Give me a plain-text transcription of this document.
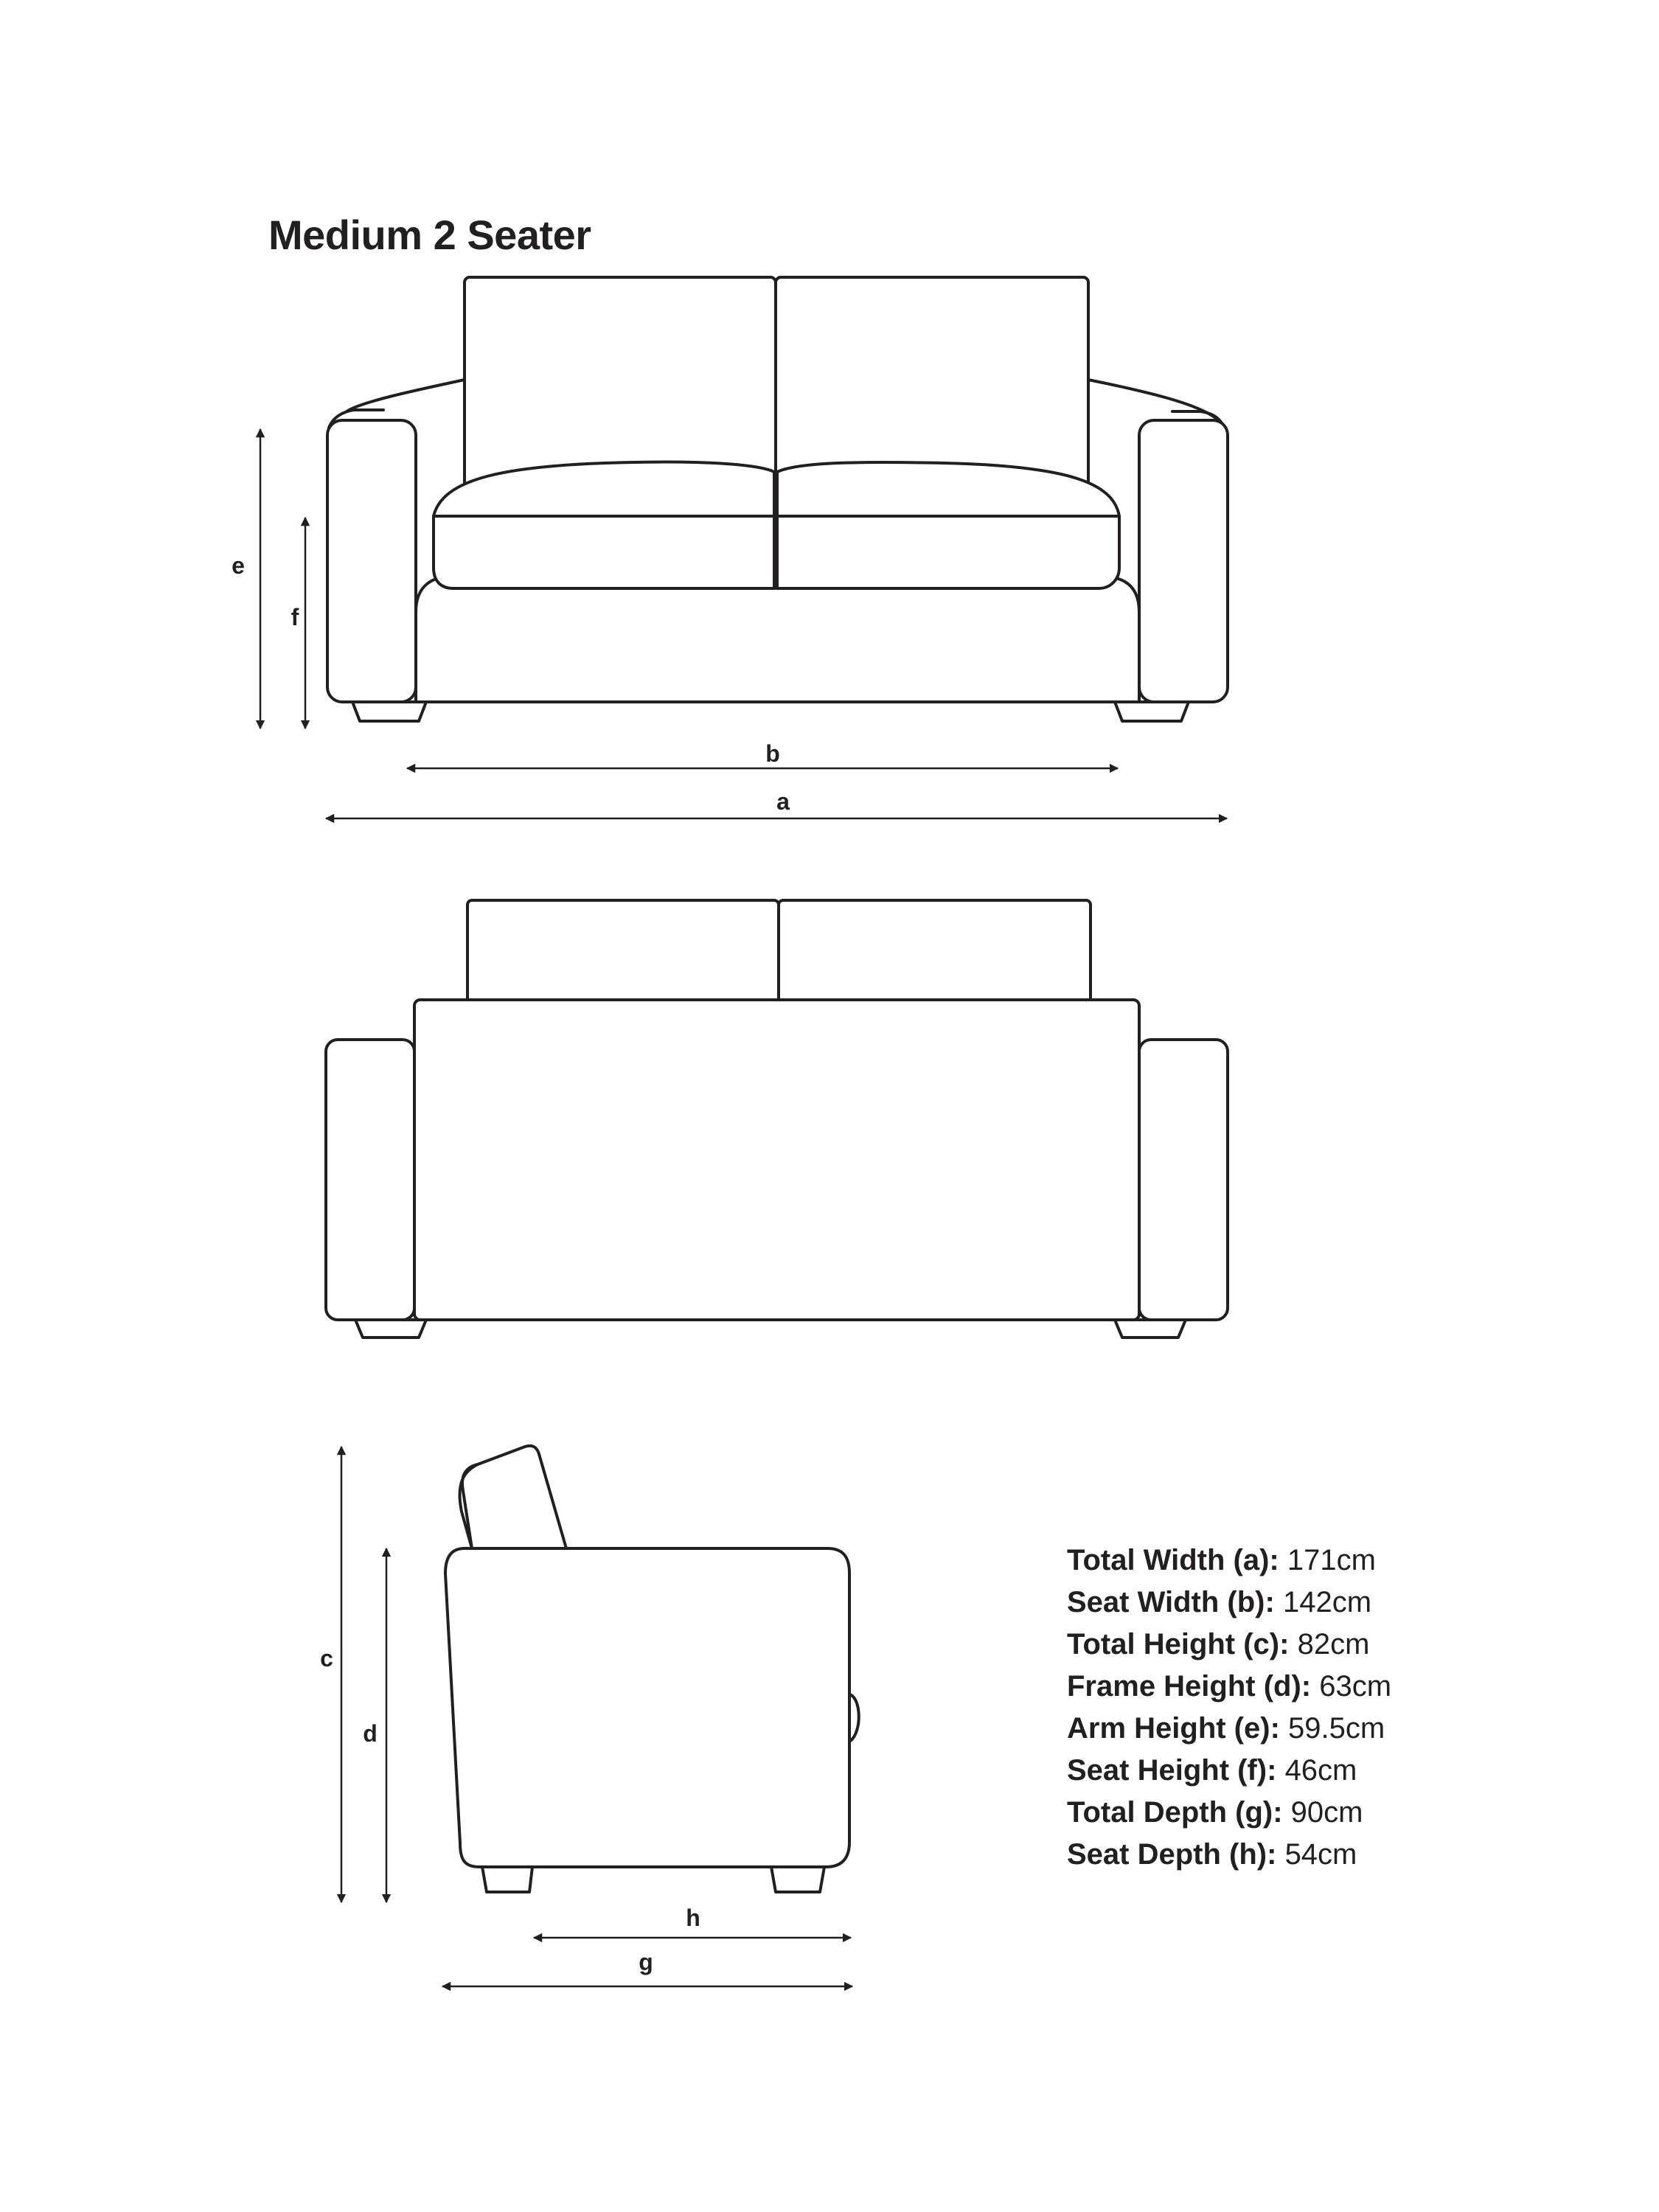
Medium 2 Seater
e
f
b
a
c
d
h
g
Total Width (a): 171cm
Seat Width (b): 142cm
Total Height (c): 82cm
Frame Height (d): 63cm
Arm Height (e): 59.5cm
Seat Height (f): 46cm
Total Depth (g): 90cm
Seat Depth (h): 54cm
